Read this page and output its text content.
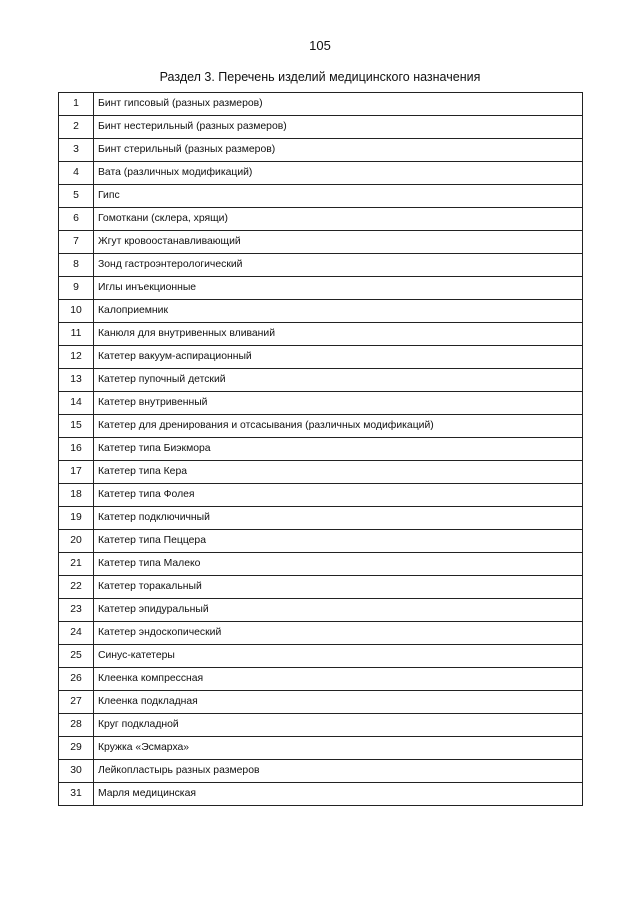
105
Раздел 3. Перечень изделий медицинского назначения
1	Бинт гипсовый (разных размеров)
2	Бинт нестерильный (разных размеров)
3	Бинт стерильный (разных размеров)
4	Вата (различных модификаций)
5	Гипс
6	Гомоткани (склера, хрящи)
7	Жгут кровоостанавливающий
8	Зонд гастроэнтерологический
9	Иглы инъекционные
10	Калоприемник
11	Канюля для внутривенных вливаний
12	Катетер вакуум-аспирационный
13	Катетер пупочный детский
14	Катетер внутривенный
15	Катетер для дренирования и отсасывания (различных модификаций)
16	Катетер типа Биэкмора
17	Катетер типа Кера
18	Катетер типа Фолея
19	Катетер подключичный
20	Катетер типа Пеццера
21	Катетер типа Малеко
22	Катетер торакальный
23	Катетер эпидуральный
24	Катетер эндоскопический
25	Синус-катетеры
26	Клеенка компрессная
27	Клеенка подкладная
28	Круг подкладной
29	Кружка «Эсмарха»
30	Лейкопластырь разных размеров
31	Марля медицинская
